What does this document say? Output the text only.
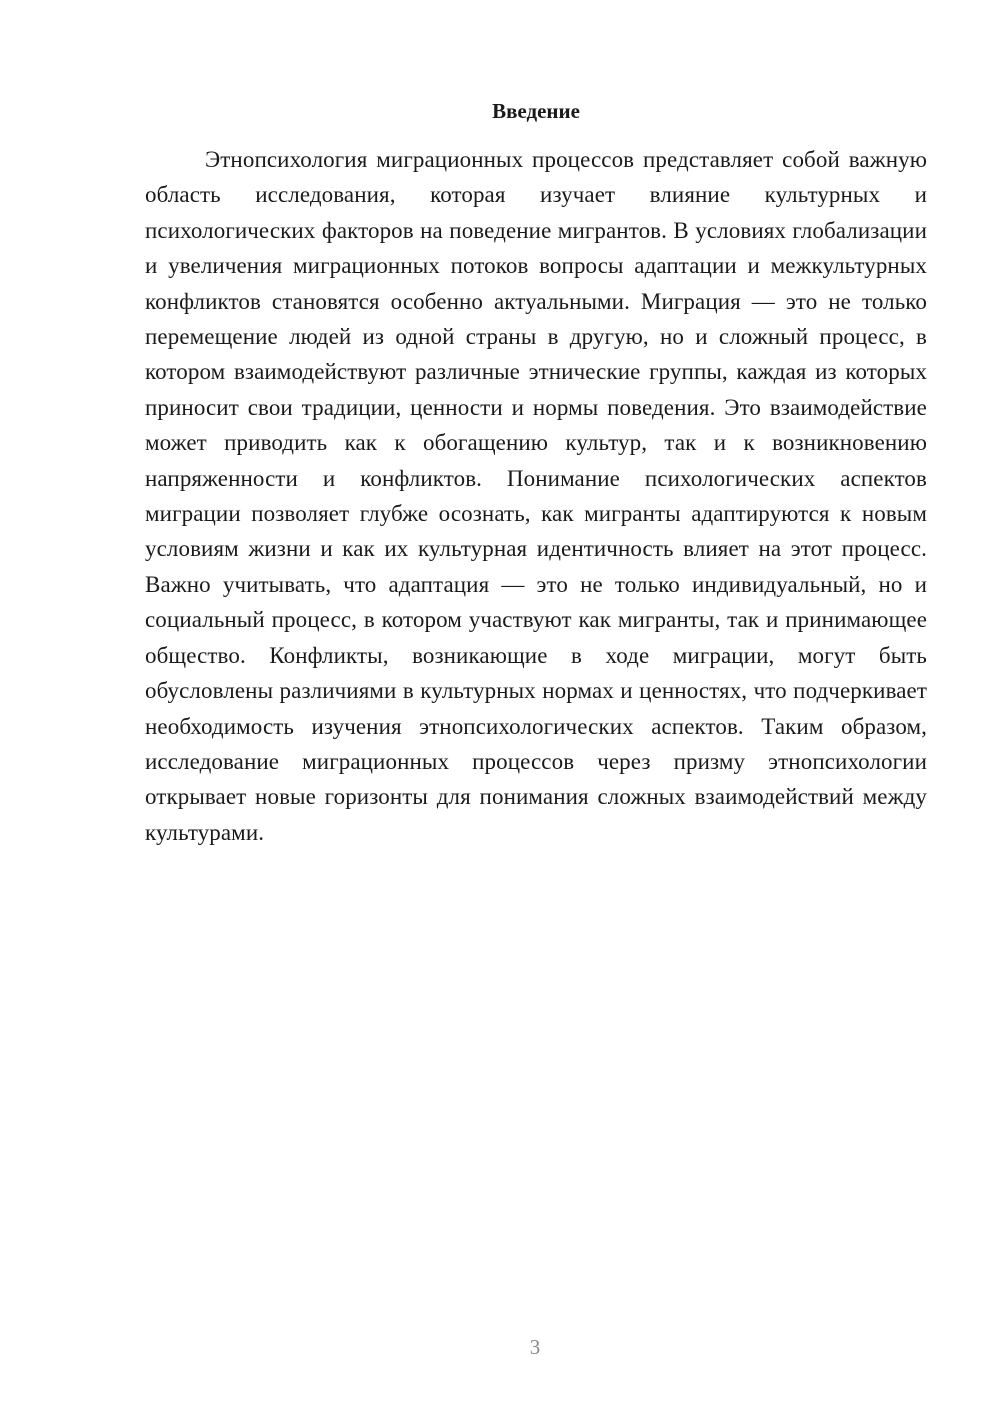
Введение

Этнопсихология миграционных процессов представляет собой важную область исследования, которая изучает влияние культурных и психологических факторов на поведение мигрантов. В условиях глобализации и увеличения миграционных потоков вопросы адаптации и межкультурных конфликтов становятся особенно актуальными. Миграция — это не только перемещение людей из одной страны в другую, но и сложный процесс, в котором взаимодействуют различные этнические группы, каждая из которых приносит свои традиции, ценности и нормы поведения. Это взаимодействие может приводить как к обогащению культур, так и к возникновению напряженности и конфликтов. Понимание психологических аспектов миграции позволяет глубже осознать, как мигранты адаптируются к новым условиям жизни и как их культурная идентичность влияет на этот процесс. Важно учитывать, что адаптация — это не только индивидуальный, но и социальный процесс, в котором участвуют как мигранты, так и принимающее общество. Конфликты, возникающие в ходе миграции, могут быть обусловлены различиями в культурных нормах и ценностях, что подчеркивает необходимость изучения этнопсихологических аспектов. Таким образом, исследование миграционных процессов через призму этнопсихологии открывает новые горизонты для понимания сложных взаимодействий между культурами.

3
